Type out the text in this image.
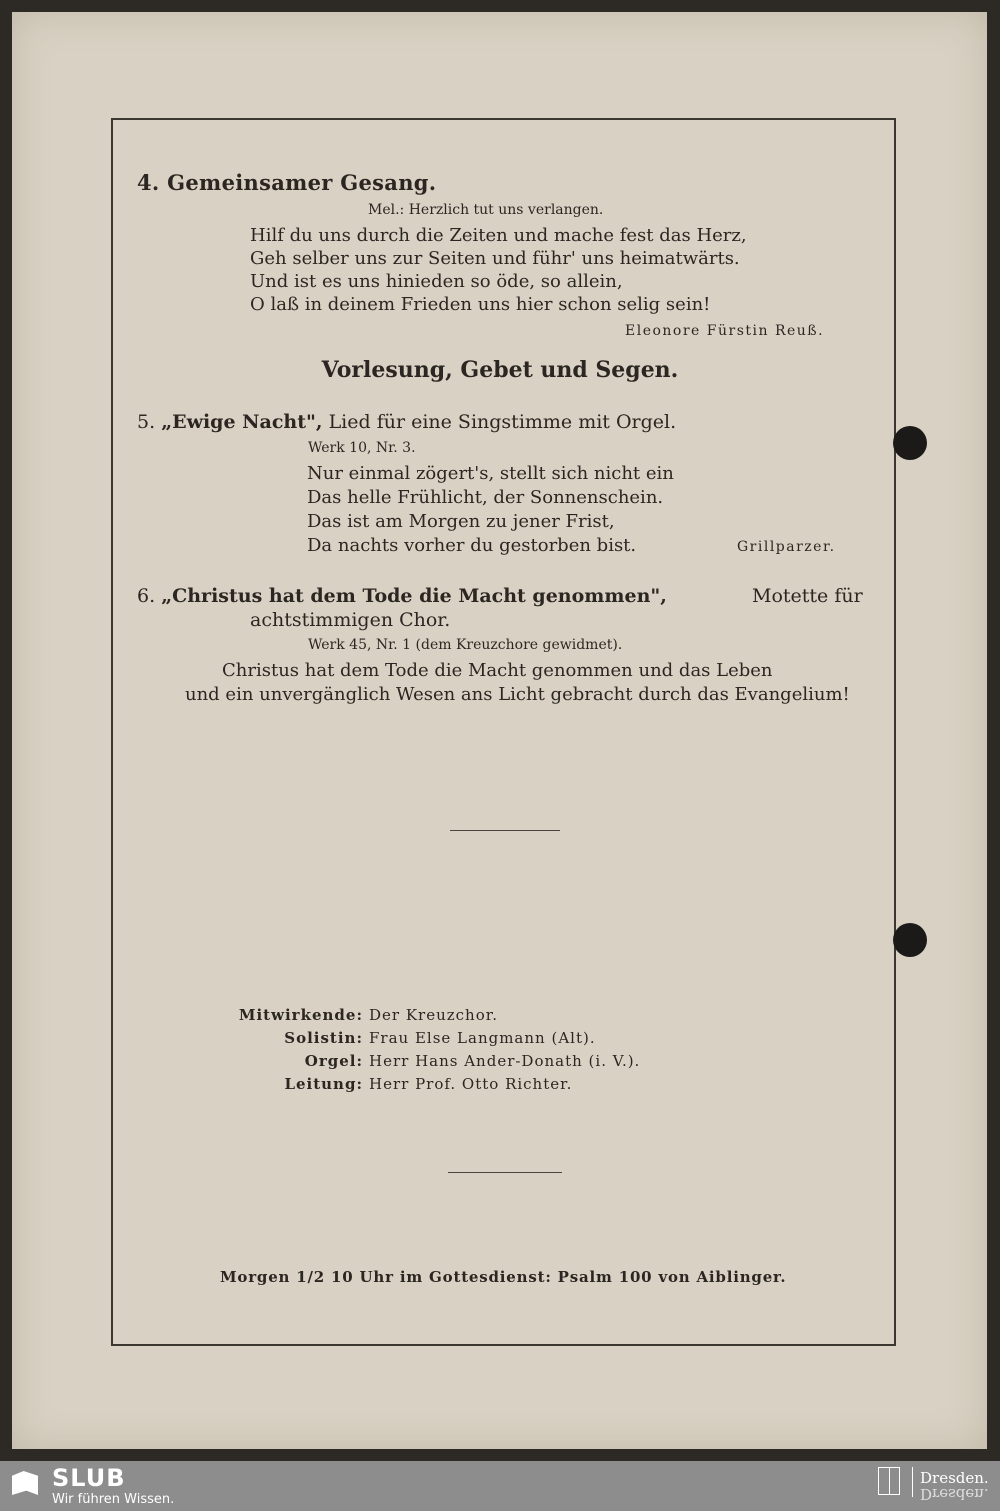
4. Gemeinsamer Gesang.
Mel.: Herzlich tut uns verlangen.
Hilf du uns durch die Zeiten und mache fest das Herz,
Geh selber uns zur Seiten und führ' uns heimatwärts.
Und ist es uns hinieden so öde, so allein,
O laß in deinem Frieden uns hier schon selig sein!
Eleonore Fürstin Reuß.
Vorlesung, Gebet und Segen.
5. „Ewige Nacht", Lied für eine Singstimme mit Orgel.
Werk 10, Nr. 3.
Nur einmal zögert's, stellt sich nicht ein
Das helle Frühlicht, der Sonnenschein.
Das ist am Morgen zu jener Frist,
Da nachts vorher du gestorben bist.	Grillparzer.
6. „Christus hat dem Tode die Macht genommen",	Motette für
achtstimmigen Chor.
Werk 45, Nr. 1 (dem Kreuzchore gewidmet).
Christus hat dem Tode die Macht genommen und das Leben
und ein unvergänglich Wesen ans Licht gebracht durch das Evangelium!
Mitwirkende: Der Kreuzchor.
Solistin: Frau Else Langmann (Alt).
Orgel: Herr Hans Ander-Donath (i. V.).
Leitung: Herr Prof. Otto Richter.
Morgen 1/2 10 Uhr im Gottesdienst: Psalm 100 von Aiblinger.
SLUB
Wir führen Wissen.
Dresden.
Dresden.
